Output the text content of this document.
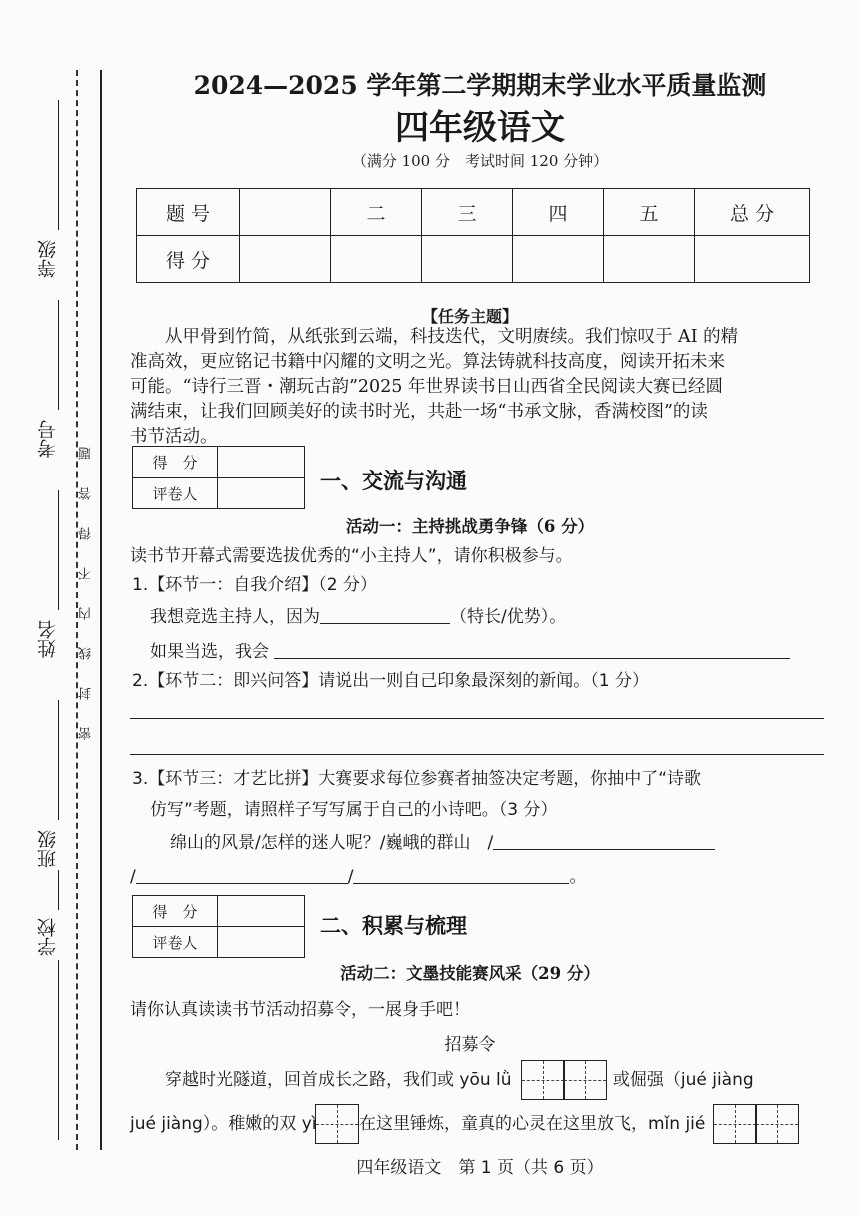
等级
考号
姓名
班级
学校
密封线内不得答题
2024—2025 学年第二学期期末学业水平质量监测
四年级语文
（满分 100 分　考试时间 120 分钟）
题 号		二	三	四	五	总 分
得 分						
【任务主题】
　　从甲骨到竹简，从纸张到云端，科技迭代，文明赓续。我们惊叹于 AI 的精
准高效，更应铭记书籍中闪耀的文明之光。算法铸就科技高度，阅读开拓未来
可能。“诗行三晋・潮玩古韵”2025 年世界读书日山西省全民阅读大赛已经圆
满结束，让我们回顾美好的读书时光，共赴一场“书承文脉，香满校图”的读
书节活动。
得　分	
评卷人	
一、交流与沟通
活动一：主持挑战勇争锋（6 分）
读书节开幕式需要选拔优秀的“小主持人”，请你积极参与。
1.【环节一：自我介绍】（2 分）
我想竞选主持人，因为	（特长/优势）。
如果当选，我会
2.【环节二：即兴问答】请说出一则自己印象最深刻的新闻。（1 分）
3.【环节三：才艺比拼】大赛要求每位参赛者抽签决定考题，你抽中了“诗歌
仿写”考题，请照样子写写属于自己的小诗吧。（3 分）
绵山的风景/怎样的迷人呢？/巍峨的群山　/
/	/	。
得　分	
评卷人	
二、积累与梳理
活动二：文墨技能赛风采（29 分）
请你认真读读书节活动招募令，一展身手吧！
招募令
穿越时光隧道，回首成长之路，我们或 yōu lǜ	或倔强（jué jiàng
jué jiàng）。稚嫩的双 yì	在这里锤炼，童真的心灵在这里放飞，mǐn jié
四年级语文　第 1 页（共 6 页）
